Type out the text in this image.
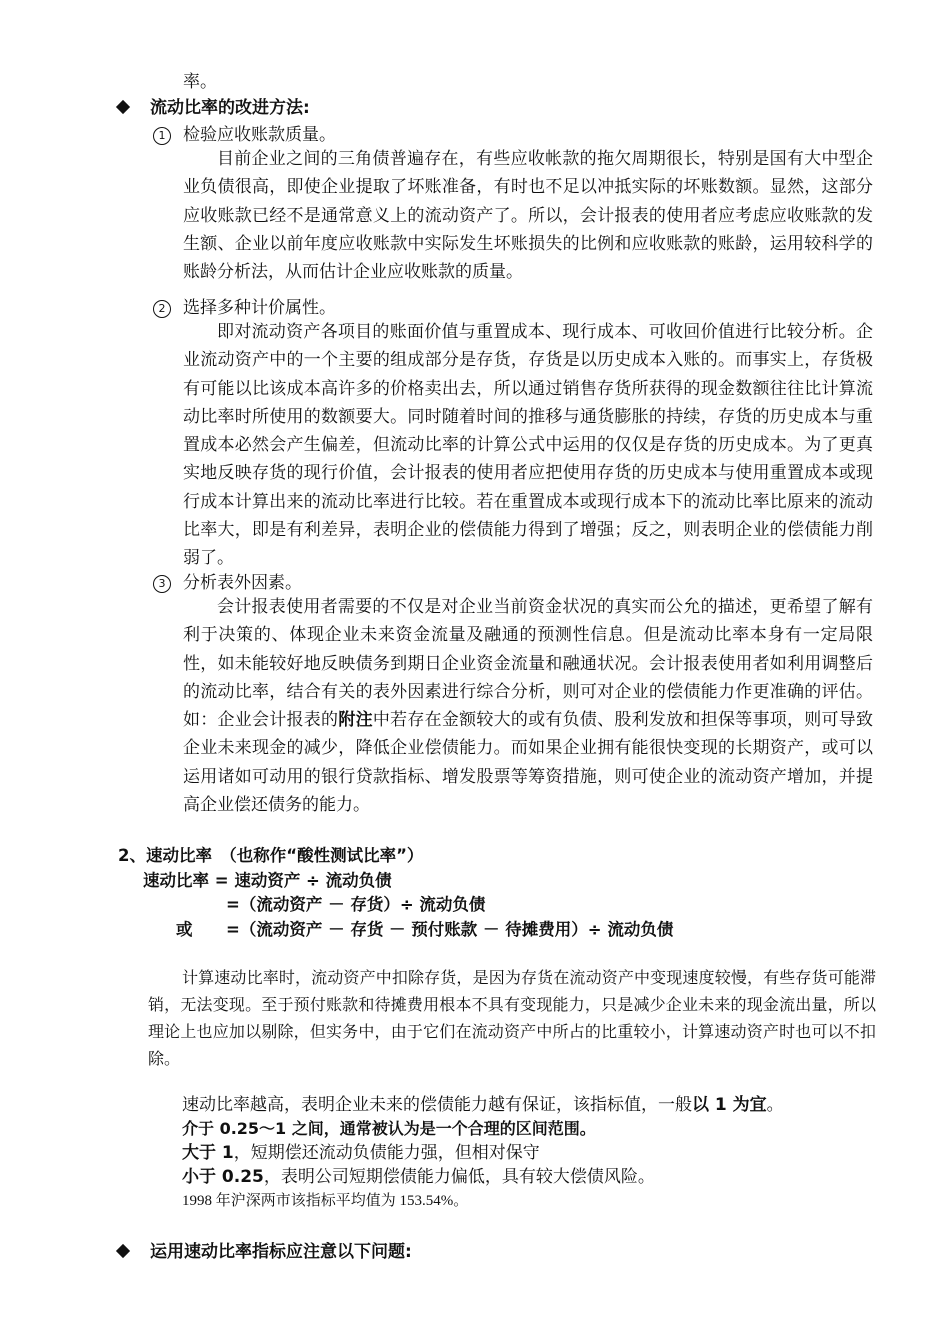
率。
流动比率的改进方法:
1 检验应收账款质量。
目前企业之间的三角债普遍存在，有些应收帐款的拖欠周期很长，特别是国有大中型企业负债很高，即使企业提取了坏账准备，有时也不足以冲抵实际的坏账数额。显然，这部分应收账款已经不是通常意义上的流动资产了。所以，会计报表的使用者应考虑应收账款的发生额、企业以前年度应收账款中实际发生坏账损失的比例和应收账款的账龄，运用较科学的账龄分析法，从而估计企业应收账款的质量。
2 选择多种计价属性。
即对流动资产各项目的账面价值与重置成本、现行成本、可收回价值进行比较分析。企业流动资产中的一个主要的组成部分是存货，存货是以历史成本入账的。而事实上，存货极有可能以比该成本高许多的价格卖出去，所以通过销售存货所获得的现金数额往往比计算流动比率时所使用的数额要大。同时随着时间的推移与通货膨胀的持续，存货的历史成本与重置成本必然会产生偏差，但流动比率的计算公式中运用的仅仅是存货的历史成本。为了更真实地反映存货的现行价值，会计报表的使用者应把使用存货的历史成本与使用重置成本或现行成本计算出来的流动比率进行比较。若在重置成本或现行成本下的流动比率比原来的流动比率大，即是有利差异，表明企业的偿债能力得到了增强；反之，则表明企业的偿债能力削弱了。
3 分析表外因素。
会计报表使用者需要的不仅是对企业当前资金状况的真实而公允的描述，更希望了解有利于决策的、体现企业未来资金流量及融通的预测性信息。但是流动比率本身有一定局限性，如未能较好地反映债务到期日企业资金流量和融通状况。会计报表使用者如利用调整后的流动比率，结合有关的表外因素进行综合分析，则可对企业的偿债能力作更准确的评估。如：企业会计报表的附注中若存在金额较大的或有负债、股利发放和担保等事项，则可导致企业未来现金的减少，降低企业偿债能力。而如果企业拥有能很快变现的长期资产，或可以运用诸如可动用的银行贷款指标、增发股票等筹资措施，则可使企业的流动资产增加，并提高企业偿还债务的能力。
2、速动比率　（也称作“酸性测试比率”）
速动比率 = 速动资产 ÷ 流动负债
=（流动资产 － 存货）÷ 流动负债
或 =（流动资产 － 存货 － 预付账款 － 待摊费用）÷ 流动负债
计算速动比率时，流动资产中扣除存货，是因为存货在流动资产中变现速度较慢，有些存货可能滞销，无法变现。至于预付账款和待摊费用根本不具有变现能力，只是减少企业未来的现金流出量，所以理论上也应加以剔除，但实务中，由于它们在流动资产中所占的比重较小，计算速动资产时也可以不扣除。
速动比率越高，表明企业未来的偿债能力越有保证，该指标值，一般以 1 为宜。
介于 0.25～1 之间，通常被认为是一个合理的区间范围。
大于 1，短期偿还流动负债能力强，但相对保守
小于 0.25，表明公司短期偿债能力偏低，具有较大偿债风险。
1998 年沪深两市该指标平均值为 153.54%。
运用速动比率指标应注意以下问题:
